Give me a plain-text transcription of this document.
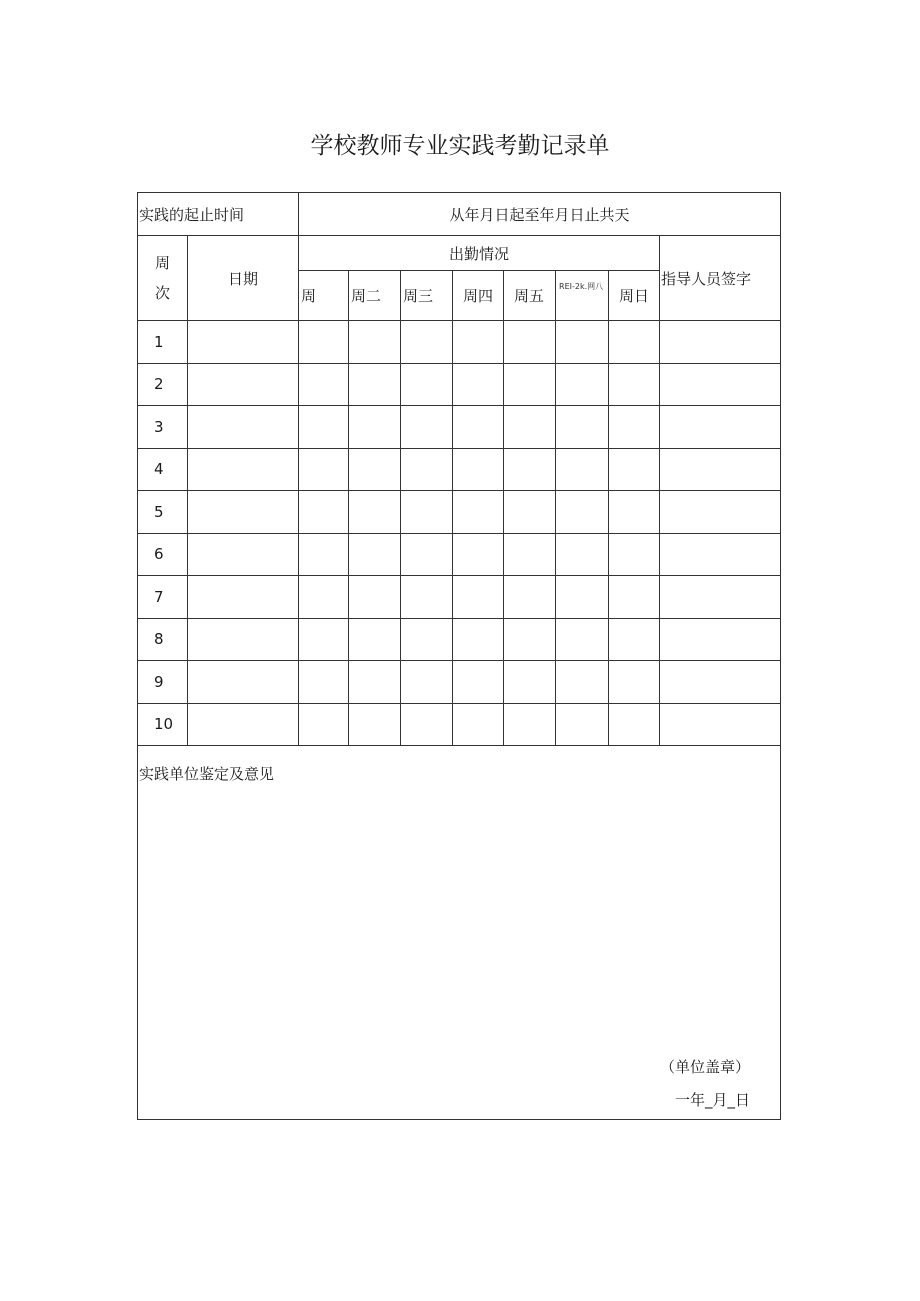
学校教师专业实践考勤记录单
实践的起止时间		从年月日起至年月日止共天							

周
次	日期	出勤情况							指导人员签字
		周	周二	周三	周四	周五	REI-2k.网八	周日	
1									
2									
3									
4									
5									
6									
7									
8									
9									
10									

实践单位鉴定及意见
（单位盖章）
一年_月_日									
